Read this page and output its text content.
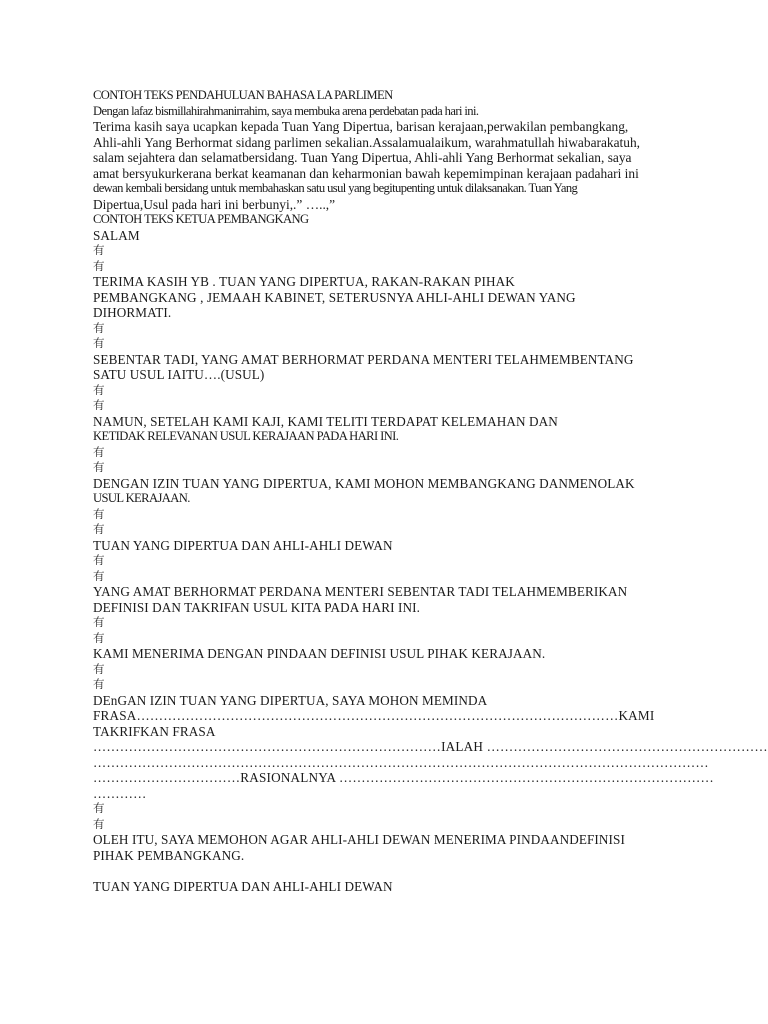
CONTOH TEKS PENDAHULUAN BAHASA LA PARLIMEN
Dengan lafaz bismillahirahmanirrahim, saya membuka arena perdebatan pada hari ini.
Terima kasih saya ucapkan kepada Tuan Yang Dipertua, barisan kerajaan,perwakilan pembangkang,
Ahli-ahli Yang Berhormat sidang parlimen sekalian.Assalamualaikum, warahmatullah hiwabarakatuh,
salam sejahtera dan selamatbersidang. Tuan Yang Dipertua, Ahli-ahli Yang Berhormat sekalian, saya
amat bersyukurkerana berkat keamanan dan keharmonian bawah kepemimpinan kerajaan padahari ini
dewan kembali bersidang untuk membahaskan satu usul yang begitupenting untuk dilaksanakan. Tuan Yang
Dipertua,Usul pada hari ini berbunyi,.” …..,”
CONTOH TEKS KETUA PEMBANGKANG
SALAM
有
有
TERIMA KASIH YB . TUAN YANG DIPERTUA, RAKAN-RAKAN PIHAK
PEMBANGKANG , JEMAAH KABINET, SETERUSNYA AHLI-AHLI DEWAN YANG
DIHORMATI.
有
有
SEBENTAR TADI, YANG AMAT BERHORMAT PERDANA MENTERI TELAHMEMBENTANG
SATU USUL IAITU….(USUL)
有
有
NAMUN, SETELAH KAMI KAJI, KAMI TELITI TERDAPAT KELEMAHAN DAN
KETIDAK RELEVANAN USUL KERAJAAN PADA HARI INI.
有
有
DENGAN IZIN TUAN YANG DIPERTUA, KAMI MOHON MEMBANGKANG DANMENOLAK
USUL KERAJAAN.
有
有
TUAN YANG DIPERTUA DAN AHLI-AHLI DEWAN
有
有
YANG AMAT BERHORMAT PERDANA MENTERI SEBENTAR TADI TELAHMEMBERIKAN
DEFINISI DAN TAKRIFAN USUL KITA PADA HARI INI.
有
有
KAMI MENERIMA DENGAN PINDAAN DEFINISI USUL PIHAK KERAJAAN.
有
有
DEnGAN IZIN TUAN YANG DIPERTUA, SAYA MOHON MEMINDA
FRASA………………………………………………………………………………………………KAMI
TAKRIFKAN FRASA
……………………………………………………………………IALAH ………………………………………………………
…………………………………………………………………………………………………………………………
……………………………RASIONALNYA …………………………………………………………………………
…………
有
有
OLEH ITU, SAYA MEMOHON AGAR AHLI-AHLI DEWAN MENERIMA PINDAANDEFINISI
PIHAK PEMBANGKANG.
TUAN YANG DIPERTUA DAN AHLI-AHLI DEWAN
